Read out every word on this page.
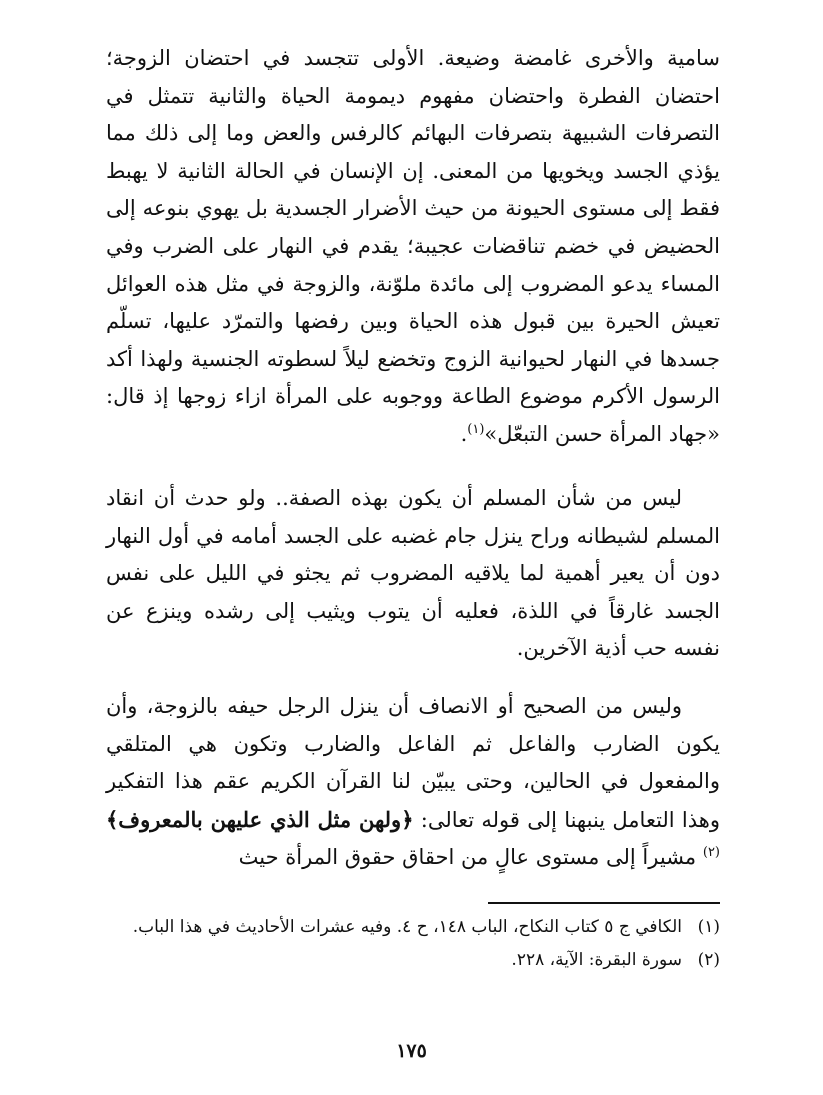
سامية والأخرى غامضة وضيعة. الأولى تتجسد في احتضان الزوجة؛ احتضان الفطرة واحتضان مفهوم ديمومة الحياة والثانية تتمثل في التصرفات الشبيهة بتصرفات البهائم كالرفس والعض وما إلى ذلك مما يؤذي الجسد ويخويها من المعنى. إن الإنسان في الحالة الثانية لا يهبط فقط إلى مستوى الحيونة من حيث الأضرار الجسدية بل يهوي بنوعه إلى الحضيض في خضم تناقضات عجيبة؛ يقدم في النهار على الضرب وفي المساء يدعو المضروب إلى مائدة ملوّنة، والزوجة في مثل هذه العوائل تعيش الحيرة بين قبول هذه الحياة وبين رفضها والتمرّد عليها، تسلّم جسدها في النهار لحيوانية الزوج وتخضع ليلاً لسطوته الجنسية ولهذا أكد الرسول الأكرم موضوع الطاعة ووجوبه على المرأة ازاء زوجها إذ قال: «جهاد المرأة حسن التبعّل»$^{(١)}$.

ليس من شأن المسلم أن يكون بهذه الصفة.. ولو حدث أن انقاد المسلم لشيطانه وراح ينزل جام غضبه على الجسد أمامه في أول النهار دون أن يعير أهمية لما يلاقيه المضروب ثم يجثو في الليل على نفس الجسد غارقاً في اللذة، فعليه أن يتوب ويثيب إلى رشده وينزع عن نفسه حب أذية الآخرين.

وليس من الصحيح أو الانصاف أن ينزل الرجل حيفه بالزوجة، وأن يكون الضارب والفاعل ثم الفاعل والضارب وتكون هي المتلقي والمفعول في الحالين، وحتى يبيّن لنا القرآن الكريم عقم هذا التفكير وهذا التعامل ينبهنا إلى قوله تعالى: ﴿ولهن مثل الذي عليهن بالمعروف﴾$^{(٢)}$ مشيراً إلى مستوى عالٍ من احقاق حقوق المرأة حيث

(١)
الكافي ج ٥ كتاب النكاح، الباب ١٤٨، ح ٤. وفيه عشرات الأحاديث في هذا الباب.
(٢)
سورة البقرة: الآية، ٢٢٨.
١٧٥
